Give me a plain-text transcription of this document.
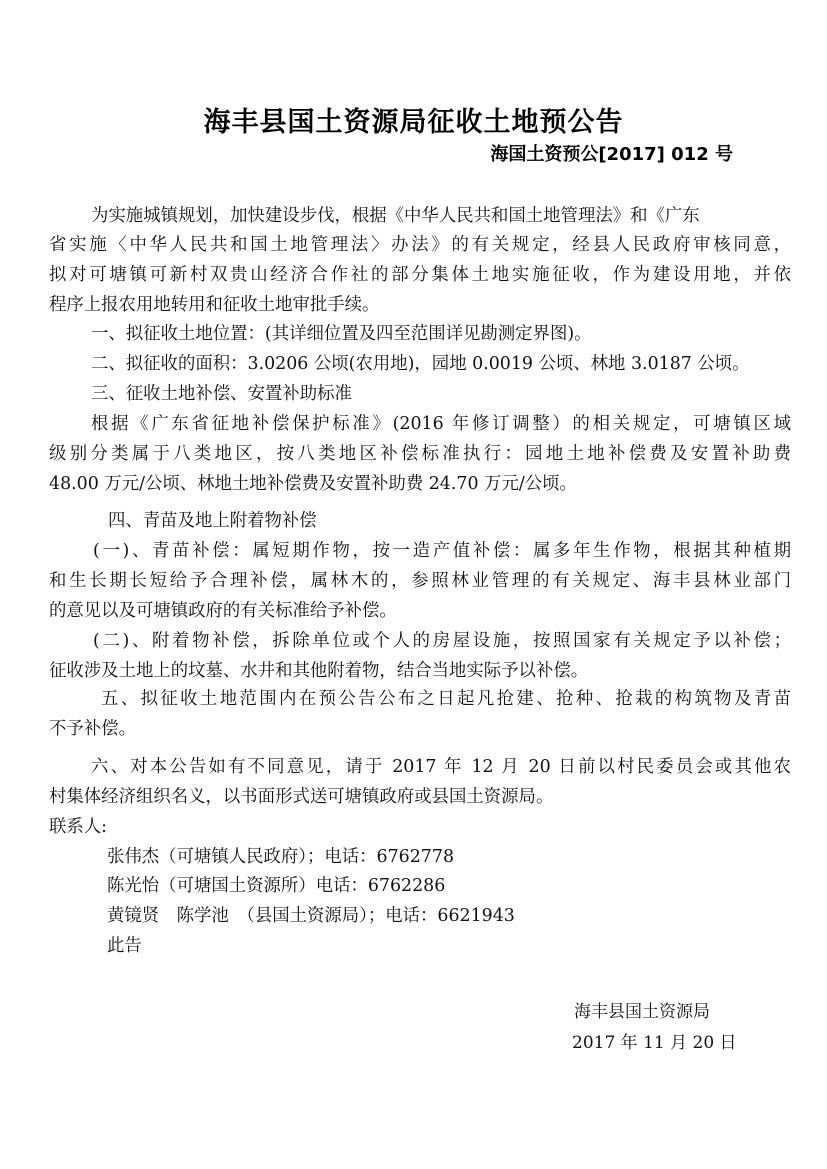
海丰县国土资源局征收土地预公告
海国土资预公[2017] 012 号
为实施城镇规划，加快建设步伐，根据《中华人民共和国土地管理法》和《广东
省实施〈中华人民共和国土地管理法〉办法》的有关规定，经县人民政府审核同意，
拟对可塘镇可新村双贵山经济合作社的部分集体土地实施征收，作为建设用地，并依
程序上报农用地转用和征收土地审批手续。
一、拟征收土地位置：(其详细位置及四至范围详见勘测定界图)。
二、拟征收的面积：3.0206 公顷(农用地)，园地 0.0019 公顷、林地 3.0187 公顷。
三、征收土地补偿、安置补助标准
根据《广东省征地补偿保护标准》(2016 年修订调整）的相关规定，可塘镇区域
级别分类属于八类地区，按八类地区补偿标准执行：园地土地补偿费及安置补助费
48.00 万元/公顷、林地土地补偿费及安置补助费 24.70 万元/公顷。
四、青苗及地上附着物补偿
(一)、青苗补偿：属短期作物，按一造产值补偿：属多年生作物，根据其种植期
和生长期长短给予合理补偿，属林木的，参照林业管理的有关规定、海丰县林业部门
的意见以及可塘镇政府的有关标准给予补偿。
(二)、附着物补偿，拆除单位或个人的房屋设施，按照国家有关规定予以补偿；
征收涉及土地上的坟墓、水井和其他附着物，结合当地实际予以补偿。
五、拟征收土地范围内在预公告公布之日起凡抢建、抢种、抢栽的构筑物及青苗
不予补偿。
六、对本公告如有不同意见，请于 2017 年 12 月 20 日前以村民委员会或其他农
村集体经济组织名义，以书面形式送可塘镇政府或县国土资源局。
联系人:
张伟杰（可塘镇人民政府）；电话：6762778
陈光怡（可塘国土资源所）电话：6762286
黄镜贤　陈学池　（县国土资源局）；电话：6621943
此告
海丰县国土资源局
2017 年 11 月 20 日
